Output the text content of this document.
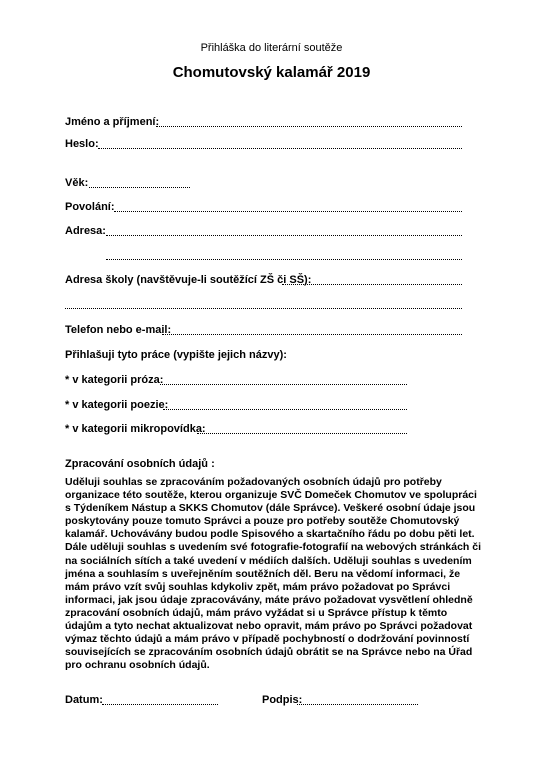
Přihláška do literární soutěže
Chomutovský kalamář 2019
Jméno a příjmení:
Heslo:
Věk:
Povolání:
Adresa:
Adresa školy (navštěvuje-li soutěžící ZŠ či SŠ):
Telefon nebo e-mail:
Přihlašuji tyto práce (vypište jejich názvy):
* v kategorii próza:
* v kategorii poezie:
* v kategorii mikropovídka:
Zpracování osobních údajů :
Uděluji souhlas se zpracováním požadovaných osobních údajů pro potřeby organizace této soutěže, kterou organizuje SVČ Domeček Chomutov ve spolupráci s Týdeníkem Nástup a SKKS Chomutov (dále Správce). Veškeré osobní údaje jsou poskytovány pouze tomuto Správci a pouze pro potřeby soutěže Chomutovský kalamář. Uchovávány budou podle Spisového a skartačního řádu po dobu pěti let. Dále uděluji souhlas s uvedením své fotografie-fotografií na webových stránkách či na sociálních sítích a také uvedení v médiích dalších. Uděluji souhlas s uvedením jména a souhlasím s uveřejněním soutěžních děl. Beru na vědomí informaci, že mám právo vzít svůj souhlas kdykoliv zpět, mám právo požadovat po Správci informaci, jak jsou údaje zpracovávány, máte právo požadovat vysvětlení ohledně zpracování osobních údajů, mám právo vyžádat si u Správce přístup k těmto údajům a tyto nechat aktualizovat nebo opravit, mám právo po Správci požadovat výmaz těchto údajů a mám právo v případě pochybností o dodržování povinností souvisejících se zpracováním osobních údajů obrátit se na Správce nebo na Úřad pro ochranu osobních údajů.
Datum:	Podpis:
